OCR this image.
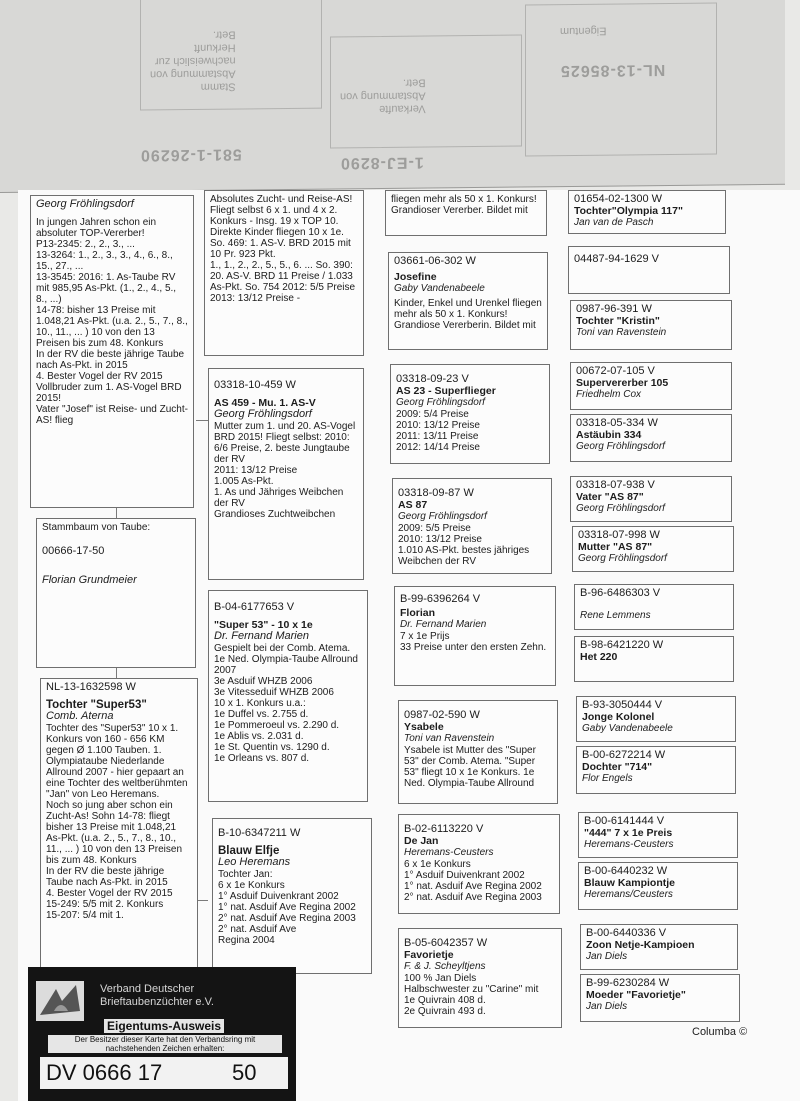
Stamm
Abstammung von
nachweislich zur
Herkunft
Betr.
Verkaufte
Abstammung von
Betr.
NL-13-85625
Eigentum
1-EJ-8290
581-1-26290
Georg Fröhlingsdorf
In jungen Jahren schon ein absoluter TOP-Vererber!
P13-2345: 2., 2., 3., ...
13-3264: 1., 2., 3., 3., 4., 6., 8., 15., 27., ...
13-3545: 2016: 1. As-Taube RV mit 985,95 As-Pkt. (1., 2., 4., 5., 8., ...)
14-78: bisher 13 Preise mit 1.048,21 As-Pkt. (u.a. 2., 5., 7., 8., 10., 11., ... ) 10 von den 13 Preisen bis zum 48. Konkurs
In der RV die beste jährige Taube nach As-Pkt. in 2015
4. Bester Vogel der RV 2015
Vollbruder zum 1. AS-Vogel BRD 2015!
Vater "Josef" ist Reise- und Zucht-AS! flieg
Stammbaum von Taube:
00666-17-50
Florian Grundmeier
NL-13-1632598 W
Tochter "Super53"
Comb. Aterna
Tochter des "Super53" 10 x 1. Konkurs von 160 - 656 KM gegen Ø 1.100 Tauben. 1. Olympiataube Niederlande Allround 2007 - hier gepaart an eine Tochter des weltberühmten "Jan" von Leo Heremans.
Noch so jung aber schon ein Zucht-As! Sohn 14-78: fliegt bisher 13 Preise mit 1.048,21 As-Pkt. (u.a. 2., 5., 7., 8., 10., 11., ... ) 10 von den 13 Preisen bis zum 48. Konkurs
In der RV die beste jährige Taube nach As-Pkt. in 2015
4. Bester Vogel der RV 2015
15-249: 5/5 mit 2. Konkurs
15-207: 5/4 mit 1.
Absolutes Zucht- und Reise-AS! Fliegt selbst 6 x 1. und 4 x 2. Konkurs - Insg. 19 x TOP 10. Direkte Kinder fliegen 10 x 1e. So. 469: 1. AS-V. BRD 2015 mit 10 Pr. 923 Pkt.
1., 1., 2., 2., 5., 5., 6. ... So. 390: 20. AS-V. BRD 11 Preise / 1.033 As-Pkt. So. 754 2012: 5/5 Preise 2013: 13/12 Preise -
03318-10-459 W
AS 459 - Mu. 1. AS-V
Georg Fröhlingsdorf
Mutter zum 1. und 20. AS-Vogel BRD 2015! Fliegt selbst: 2010: 6/6 Preise, 2. beste Jungtaube der RV
2011: 13/12 Preise
1.005 As-Pkt.
1. As und Jähriges Weibchen der RV
Grandioses Zuchtweibchen
B-04-6177653 V
"Super 53" - 10 x 1e
Dr. Fernand Marien
Gespielt bei der Comb. Atema.
1e Ned. Olympia-Taube Allround 2007
3e Asduif WHZB 2006
3e Vitesseduif WHZB 2006
10 x 1. Konkurs u.a.:
1e Duffel vs. 2.755 d.
1e Pommeroeul vs. 2.290 d.
1e Ablis vs. 2.031 d.
1e St. Quentin vs. 1290 d.
1e Orleans vs. 807 d.
B-10-6347211 W
Blauw Elfje
Leo Heremans
Tochter Jan:
6 x 1e Konkurs
1° Asduif Duivenkrant 2002
1° nat. Asduif Ave Regina 2002
2° nat. Asduif Ave Regina 2003
2° nat. Asduif Ave
Regina 2004
fliegen mehr als 50 x 1. Konkurs!
Grandioser Vererber. Bildet mit
03661-06-302 W
Josefine
Gaby Vandenabeele
Kinder, Enkel und Urenkel fliegen mehr als 50 x 1. Konkurs!
Grandiose Vererberin. Bildet mit
03318-09-23 V
AS 23 - Superflieger
Georg Fröhlingsdorf
2009: 5/4 Preise
2010: 13/12 Preise
2011: 13/11 Preise
2012: 14/14 Preise
03318-09-87 W
AS 87
Georg Fröhlingsdorf
2009: 5/5 Preise
2010: 13/12 Preise
1.010 AS-Pkt. bestes jähriges Weibchen der RV
B-99-6396264 V
Florian
Dr. Fernand Marien
7 x 1e Prijs
33 Preise unter den ersten Zehn.
0987-02-590 W
Ysabele
Toni van Ravenstein
Ysabele ist Mutter des "Super 53" der Comb. Atema. "Super 53" fliegt 10 x 1e Konkurs. 1e Ned. Olympia-Taube Allround
B-02-6113220 V
De Jan
Heremans-Ceusters
6 x 1e Konkurs
1° Asduif Duivenkrant 2002
1° nat. Asduif Ave Regina 2002
2° nat. Asduif Ave Regina 2003
B-05-6042357 W
Favorietje
F. & J. Scheyltjens
100 % Jan Diels
Halbschwester zu "Carine" mit
1e Quivrain 408 d.
2e Quivrain 493 d.
01654-02-1300 W
Tochter"Olympia 117"
Jan van de Pasch
04487-94-1629 V
0987-96-391 W
Tochter "Kristin"
Toni van Ravenstein
00672-07-105 V
Supervererber 105
Friedhelm Cox
03318-05-334 W
Astäubin 334
Georg Fröhlingsdorf
03318-07-938 V
Vater "AS 87"
Georg Fröhlingsdorf
03318-07-998 W
Mutter "AS 87"
Georg Fröhlingsdorf
B-96-6486303 V
Rene Lemmens
B-98-6421220 W
Het 220
B-93-3050444 V
Jonge Kolonel
Gaby Vandenabeele
B-00-6272214 W
Dochter "714"
Flor Engels
B-00-6141444 V
"444" 7 x 1e Preis
Heremans-Ceusters
B-00-6440232 W
Blauw Kampiontje
Heremans/Ceusters
B-00-6440336 V
Zoon Netje-Kampioen
Jan Diels
B-99-6230284 W
Moeder "Favorietje"
Jan Diels
Columba ©
Verband Deutscher Brieftaubenzüchter e.V.
Eigentums-Ausweis
Der Besitzer dieser Karte hat den Verbandsring mit nachstehenden Zeichen erhalten:
DV 0666 17	50
